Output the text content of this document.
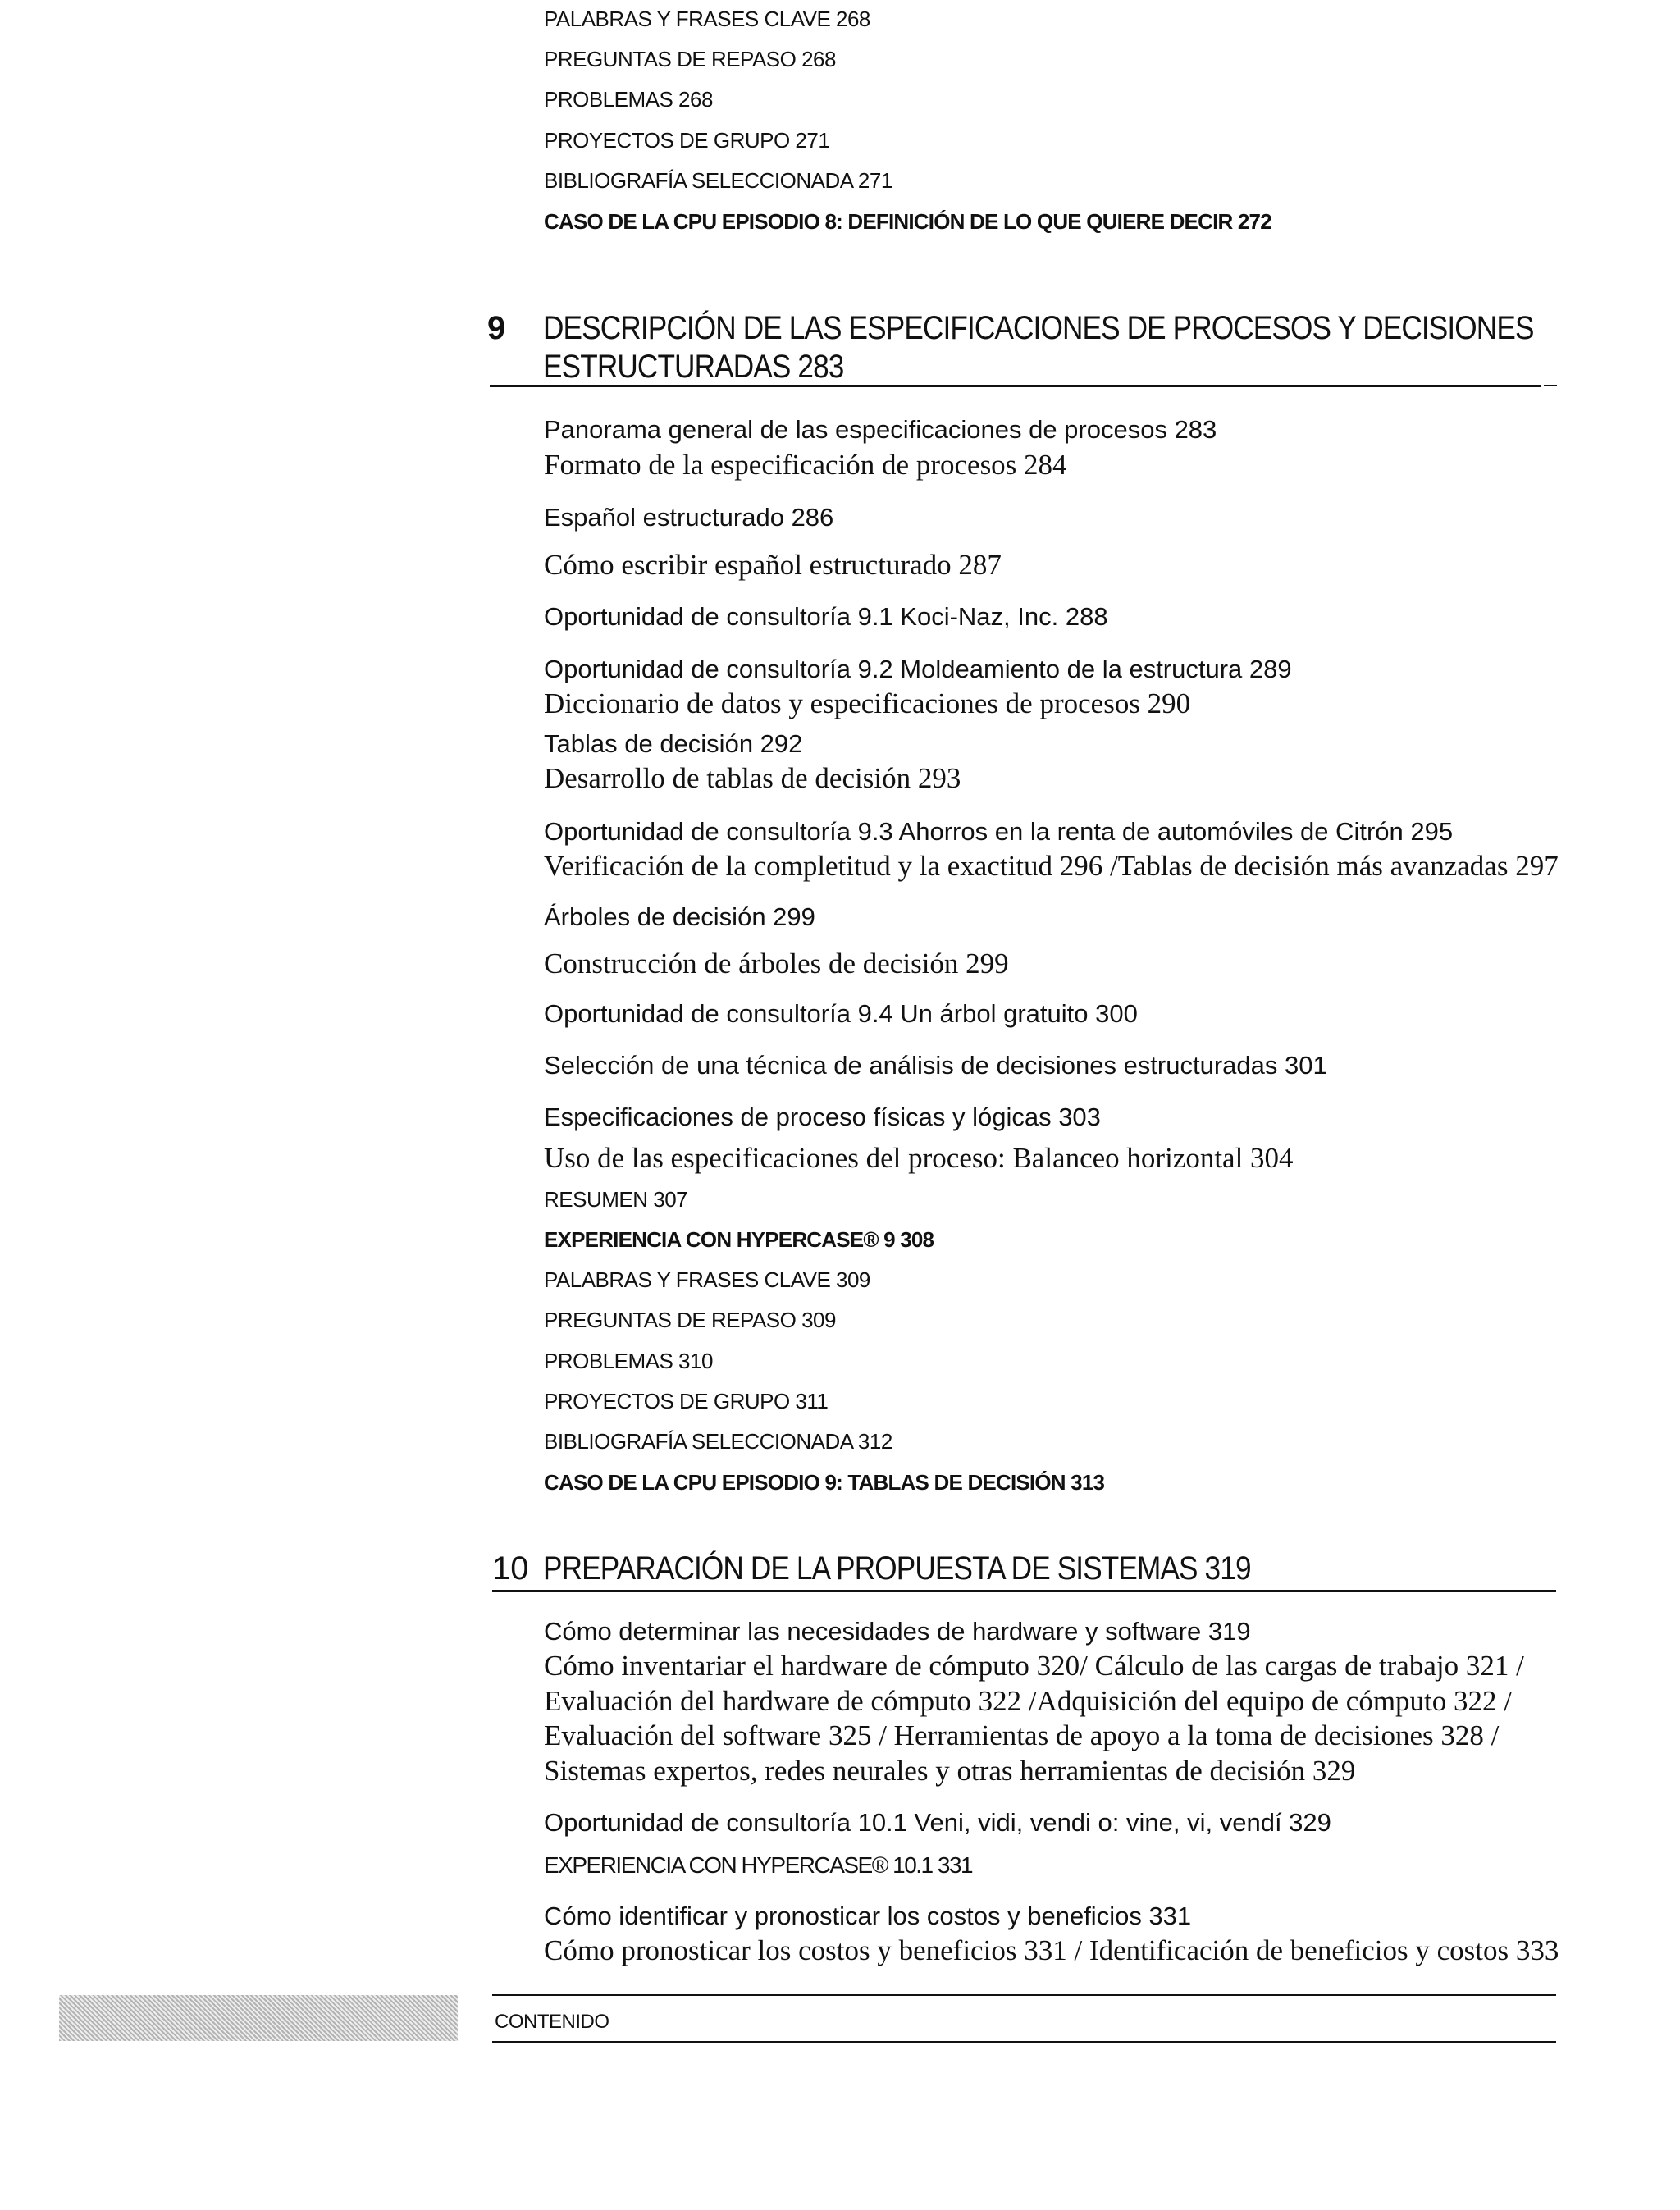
PALABRAS Y FRASES CLAVE 268
PREGUNTAS DE REPASO 268
PROBLEMAS 268
PROYECTOS DE GRUPO 271
BIBLIOGRAFÍA SELECCIONADA 271
CASO DE LA CPU EPISODIO 8: DEFINICIÓN DE LO QUE QUIERE DECIR 272
9 DESCRIPCIÓN DE LAS ESPECIFICACIONES DE PROCESOS Y DECISIONES
ESTRUCTURADAS 283
Panorama general de las especificaciones de procesos 283
Formato de la especificación de procesos 284
Español estructurado 286
Cómo escribir español estructurado 287
Oportunidad de consultoría 9.1 Koci-Naz, Inc. 288
Oportunidad de consultoría 9.2 Moldeamiento de la estructura 289
Diccionario de datos y especificaciones de procesos 290
Tablas de decisión 292
Desarrollo de tablas de decisión 293
Oportunidad de consultoría 9.3 Ahorros en la renta de automóviles de Citrón 295
Verificación de la completitud y la exactitud 296 /Tablas de decisión más avanzadas 297
Árboles de decisión 299
Construcción de árboles de decisión 299
Oportunidad de consultoría 9.4 Un árbol gratuito 300
Selección de una técnica de análisis de decisiones estructuradas 301
Especificaciones de proceso físicas y lógicas 303
Uso de las especificaciones del proceso: Balanceo horizontal 304
RESUMEN 307
EXPERIENCIA CON HYPERCASE® 9 308
PALABRAS Y FRASES CLAVE 309
PREGUNTAS DE REPASO 309
PROBLEMAS 310
PROYECTOS DE GRUPO 311
BIBLIOGRAFÍA SELECCIONADA 312
CASO DE LA CPU EPISODIO 9: TABLAS DE DECISIÓN 313
10 PREPARACIÓN DE LA PROPUESTA DE SISTEMAS 319
Cómo determinar las necesidades de hardware y software 319
Cómo inventariar el hardware de cómputo 320/ Cálculo de las cargas de trabajo 321 /
Evaluación del hardware de cómputo 322 /Adquisición del equipo de cómputo 322 /
Evaluación del software 325 / Herramientas de apoyo a la toma de decisiones 328 /
Sistemas expertos, redes neurales y otras herramientas de decisión 329
Oportunidad de consultoría 10.1 Veni, vidi, vendi o: vine, vi, vendí 329
EXPERIENCIA CON HYPERCASE® 10.1 331
Cómo identificar y pronosticar los costos y beneficios 331
Cómo pronosticar los costos y beneficios 331 / Identificación de beneficios y costos 333
CONTENIDO
